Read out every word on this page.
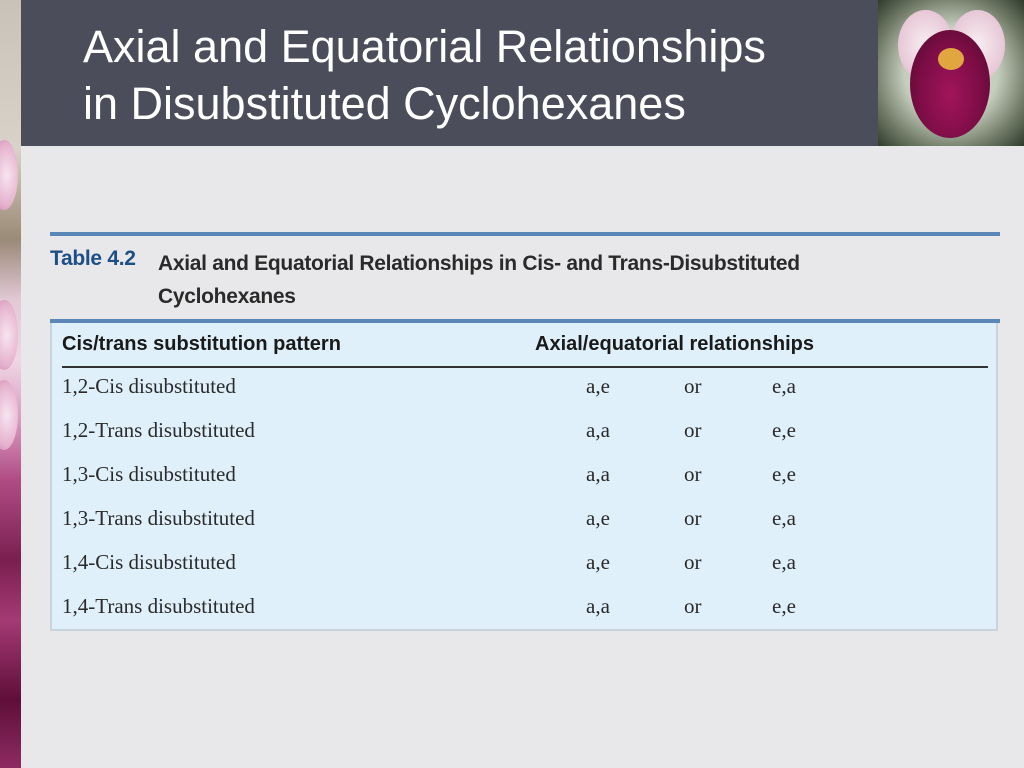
Axial and Equatorial Relationships
in Disubstituted Cyclohexanes
Table 4.2 Axial and Equatorial Relationships in Cis- and Trans-Disubstituted Cyclohexanes
Cis/trans substitution pattern	Axial/equatorial relationships
1,2-Cis disubstituted	a,e	or	e,a
1,2-Trans disubstituted	a,a	or	e,e
1,3-Cis disubstituted	a,a	or	e,e
1,3-Trans disubstituted	a,e	or	e,a
1,4-Cis disubstituted	a,e	or	e,a
1,4-Trans disubstituted	a,a	or	e,e
